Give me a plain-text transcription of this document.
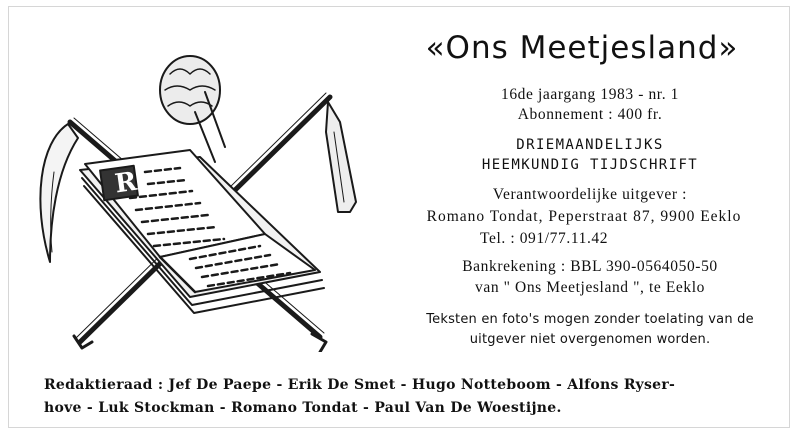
R
«Ons Meetjesland»
16de jaargang 1983 - nr. 1
Abonnement : 400 fr.
DRIEMAANDELIJKS
HEEMKUNDIG TIJDSCHRIFT
Verantwoordelijke uitgever :
Romano Tondat, Peperstraat 87, 9900 Eeklo
Tel. : 091/77.11.42
Bankrekening : BBL 390-0564050-50
van " Ons Meetjesland ", te Eeklo
Teksten en foto's mogen zonder toelating van de
uitgever niet overgenomen worden.
Redaktieraad : Jef De Paepe - Erik De Smet - Hugo Notteboom - Alfons Ryser-
hove - Luk Stockman - Romano Tondat - Paul Van De Woestijne.
